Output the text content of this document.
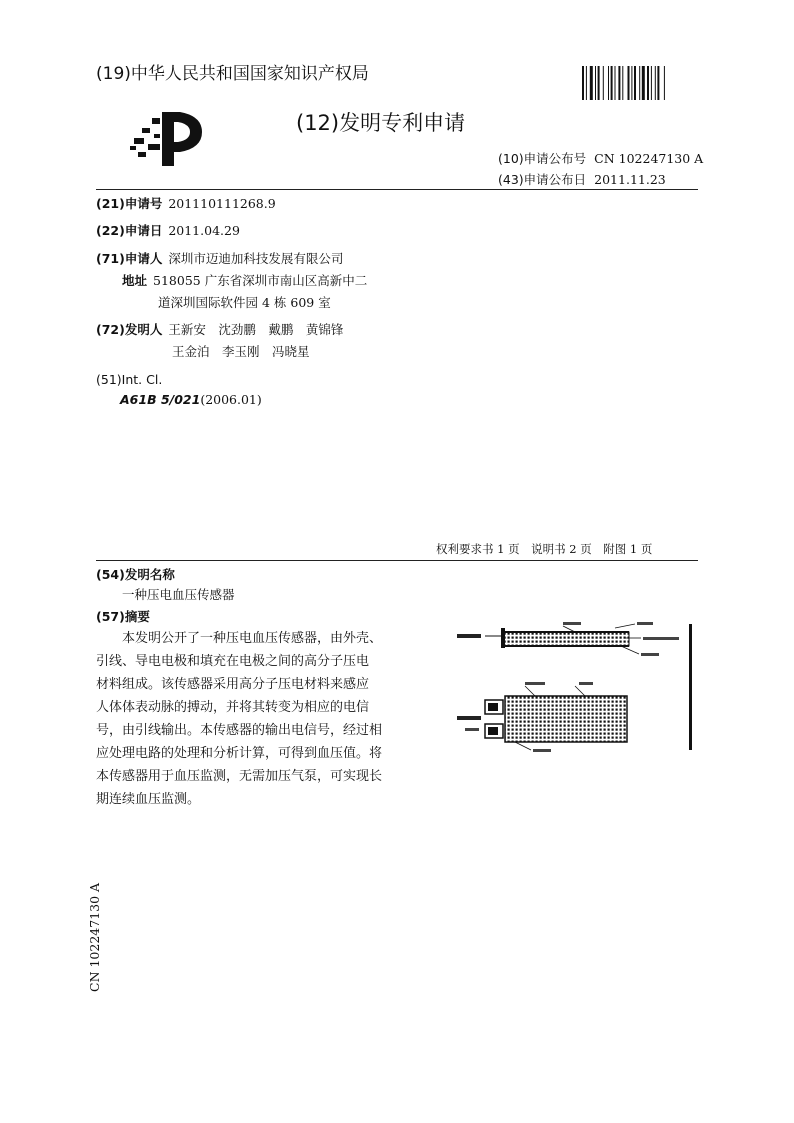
(19)中华人民共和国国家知识产权局
(12)发明专利申请
(10)申请公布号 CN 102247130 A
(43)申请公布日 2011.11.23
(21)申请号 201110111268.9
(22)申请日 2011.04.29
(71)申请人 深圳市迈迪加科技发展有限公司
地址 518055 广东省深圳市南山区高新中二
道深圳国际软件园 4 栋 609 室
(72)发明人 王新安　沈劲鹏　戴鹏　黄锦锋
王金泊　李玉刚　冯晓星
(51)Int. Cl.
A61B 5/021(2006.01)
权利要求书 1 页　说明书 2 页　附图 1 页
(54)发明名称
一种压电血压传感器
(57)摘要
本发明公开了一种压电血压传感器，由外壳、
引线、导电电极和填充在电极之间的高分子压电
材料组成。该传感器采用高分子压电材料来感应
人体体表动脉的搏动，并将其转变为相应的电信
号，由引线输出。本传感器的输出电信号，经过相
应处理电路的处理和分析计算，可得到血压值。将
本传感器用于血压监测，无需加压气泵，可实现长
期连续血压监测。
CN 102247130 A
